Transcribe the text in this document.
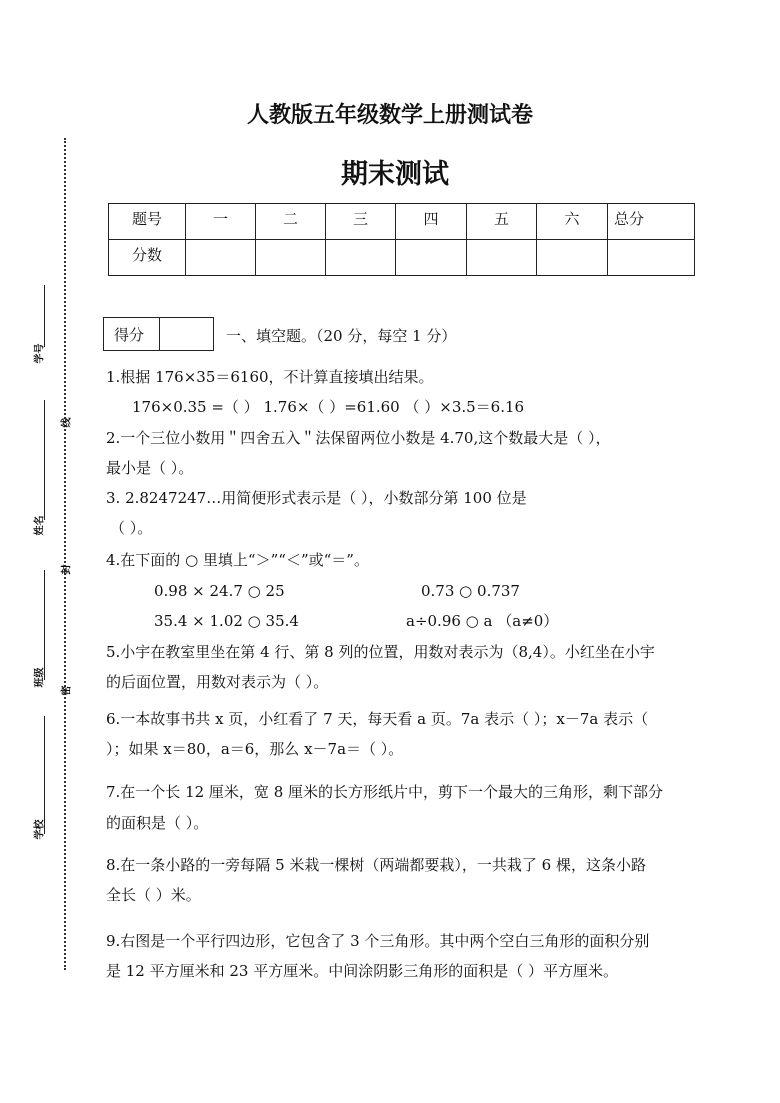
学号
姓名
班级
学校
线
封
密
人教版五年级数学上册测试卷
期末测试
题号	一	二	三	四	五	六	总分

分数							

得分	一、填空题。（20 分，每空 1 分）
1.根据 176×35＝6160，不计算直接填出结果。
176×0.35 =（ ） 1.76×（ ）=61.60 （ ）×3.5＝6.16
2.一个三位小数用＂四舍五入＂法保留两位小数是 4.70,这个数最大是（ ），
最小是（ ）。
3. 2.8247247…用简便形式表示是（ ），小数部分第 100 位是
（ ）。
4.在下面的 ○ 里填上“＞”“＜”或“＝”。
0.98 × 24.7 ○ 25	0.73 ○ 0.737
35.4 × 1.02 ○ 35.4	a÷0.96 ○ a （a≠0）
5.小宇在教室里坐在第 4 行、第 8 列的位置，用数对表示为（8,4）。小红坐在小宇
的后面位置，用数对表示为（ ）。
6.一本故事书共 x 页，小红看了 7 天，每天看 a 页。7a 表示（ ）；x－7a 表示（
）；如果 x＝80，a＝6，那么 x－7a＝（ ）。
7.在一个长 12 厘米，宽 8 厘米的长方形纸片中，剪下一个最大的三角形，剩下部分
的面积是（ ）。
8.在一条小路的一旁每隔 5 米栽一棵树（两端都要栽），一共栽了 6 棵，这条小路
全长（ ）米。
9.右图是一个平行四边形，它包含了 3 个三角形。其中两个空白三角形的面积分别
是 12 平方厘米和 23 平方厘米。中间涂阴影三角形的面积是（ ）平方厘米。
